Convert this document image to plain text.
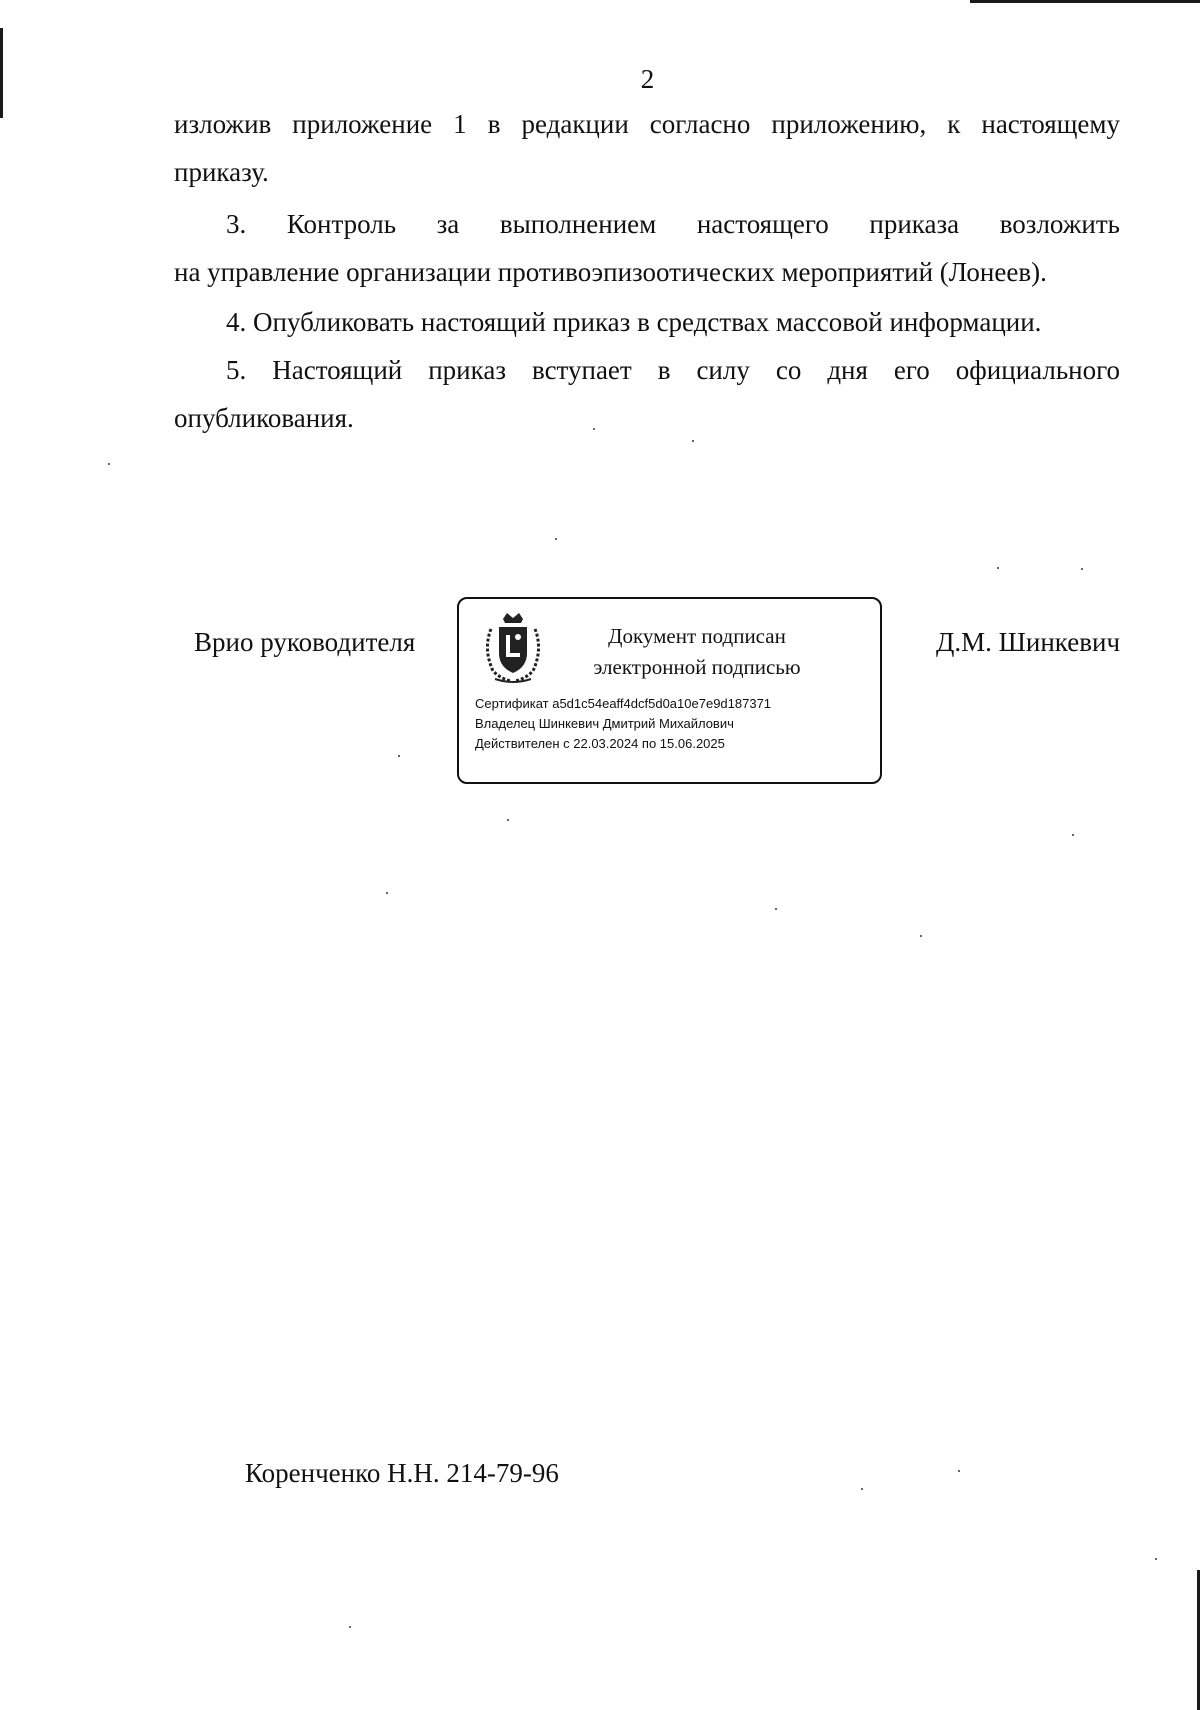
2
изложив приложение 1 в редакции согласно приложению, к настоящему
приказу.
3. Контроль за выполнением настоящего приказа возложить
на управление организации противоэпизоотических мероприятий (Лонеев).
4. Опубликовать настоящий приказ в средствах массовой информации.
5. Настоящий приказ вступает в силу со дня его официального
опубликования.
Врио руководителя	Документ подписан
электронной подписью
Сертификат a5d1c54eaff4dcf5d0a10e7e9d187371
Владелец Шинкевич Дмитрий Михайлович
Действителен с 22.03.2024 по 15.06.2025
Д.М. Шинкевич
Коренченко Н.Н. 214-79-96
